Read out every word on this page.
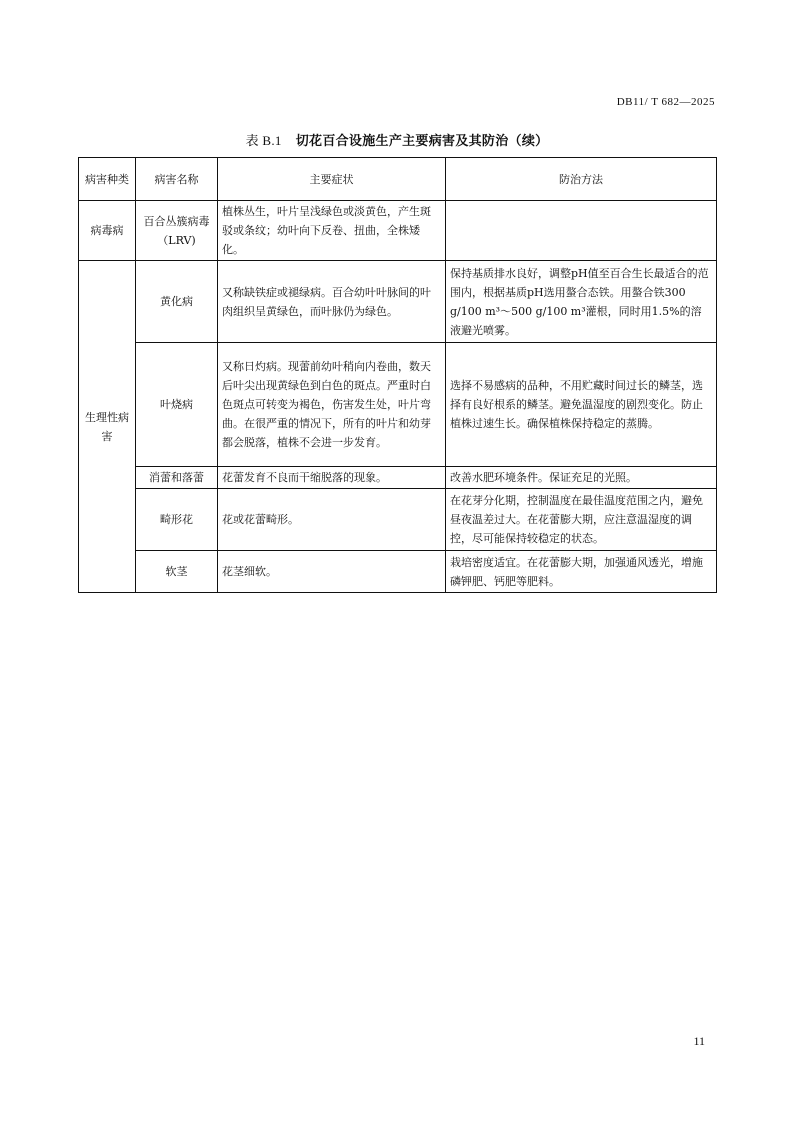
DB11/ T 682—2025
表 B.1 切花百合设施生产主要病害及其防治（续）
病害种类	病害名称	主要症状	防治方法
病毒病	百合丛簇病毒（LRV)	植株丛生，叶片呈浅绿色或淡黄色，产生斑驳或条纹；幼叶向下反卷、扭曲，全株矮化。	
生理性病害	黄化病	又称缺铁症或褪绿病。百合幼叶叶脉间的叶肉组织呈黄绿色，而叶脉仍为绿色。	保持基质排水良好，调整pH值至百合生长最适合的范围内，根据基质pH选用螯合态铁。用螯合铁300 g/100 m³～500 g/100 m³灌根，同时用1.5%的溶液避光喷雾。
	叶烧病	又称日灼病。现蕾前幼叶稍向内卷曲，数天后叶尖出现黄绿色到白色的斑点。严重时白色斑点可转变为褐色，伤害发生处，叶片弯曲。在很严重的情况下，所有的叶片和幼芽都会脱落，植株不会进一步发育。	选择不易感病的品种，不用贮藏时间过长的鳞茎，选择有良好根系的鳞茎。避免温湿度的剧烈变化。防止植株过速生长。确保植株保持稳定的蒸腾。
	消蕾和落蕾	花蕾发育不良而干缩脱落的现象。	改善水肥环境条件。保证充足的光照。
	畸形花	花或花蕾畸形。	在花芽分化期，控制温度在最佳温度范围之内，避免昼夜温差过大。在花蕾膨大期，应注意温湿度的调控，尽可能保持较稳定的状态。
	软茎	花茎细软。	栽培密度适宜。在花蕾膨大期，加强通风透光，增施磷钾肥、钙肥等肥料。
11
